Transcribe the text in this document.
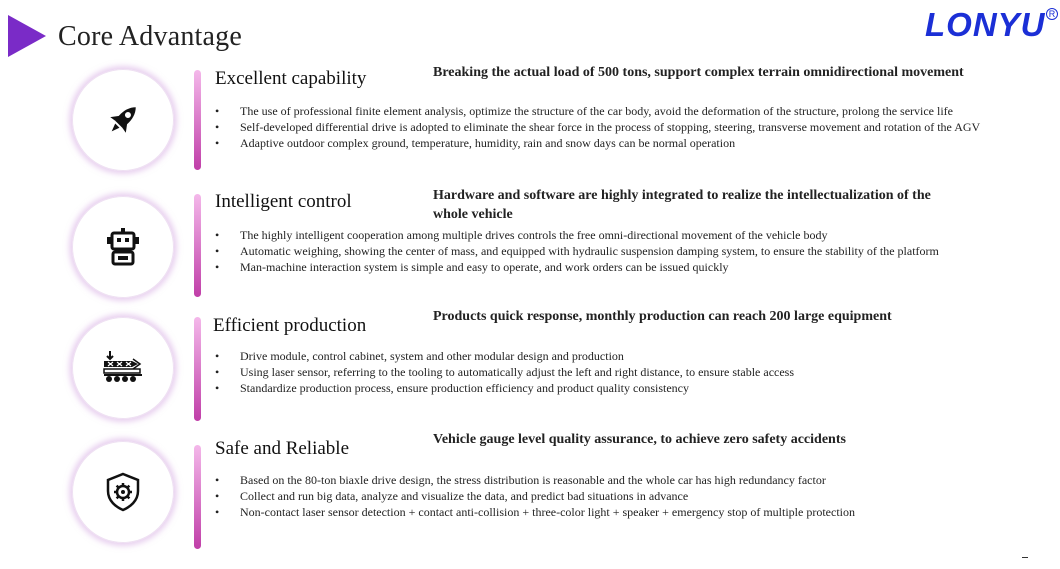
Core Advantage	LONYU R
Excellent capability	Breaking the actual load of 500 tons, support complex terrain omnidirectional movement
• The use of professional finite element analysis, optimize the structure of the car body, avoid the deformation of the structure, prolong the service life
• Self-developed differential drive is adopted to eliminate the shear force in the process of stopping, steering, transverse movement and rotation of the AGV
• Adaptive outdoor complex ground, temperature, humidity, rain and snow days can be normal operation
Intelligent control	Hardware and software are highly integrated to realize the intellectualization of the whole vehicle
• The highly intelligent cooperation among multiple drives controls the free omni-directional movement of the vehicle body
• Automatic weighing, showing the center of mass, and equipped with hydraulic suspension damping system, to ensure the stability of the platform
• Man-machine interaction system is simple and easy to operate, and work orders can be issued quickly
Efficient production	Products quick response, monthly production can reach 200 large equipment
• Drive module, control cabinet, system and other modular design and production
• Using laser sensor, referring to the tooling to automatically adjust the left and right distance, to ensure stable access
• Standardize production process, ensure production efficiency and product quality consistency
Safe and Reliable	Vehicle gauge level quality assurance, to achieve zero safety accidents
• Based on the 80-ton biaxle drive design, the stress distribution is reasonable and the whole car has high redundancy factor
• Collect and run big data, analyze and visualize the data, and predict bad situations in advance
• Non-contact laser sensor detection + contact anti-collision + three-color light + speaker + emergency stop of multiple protection
